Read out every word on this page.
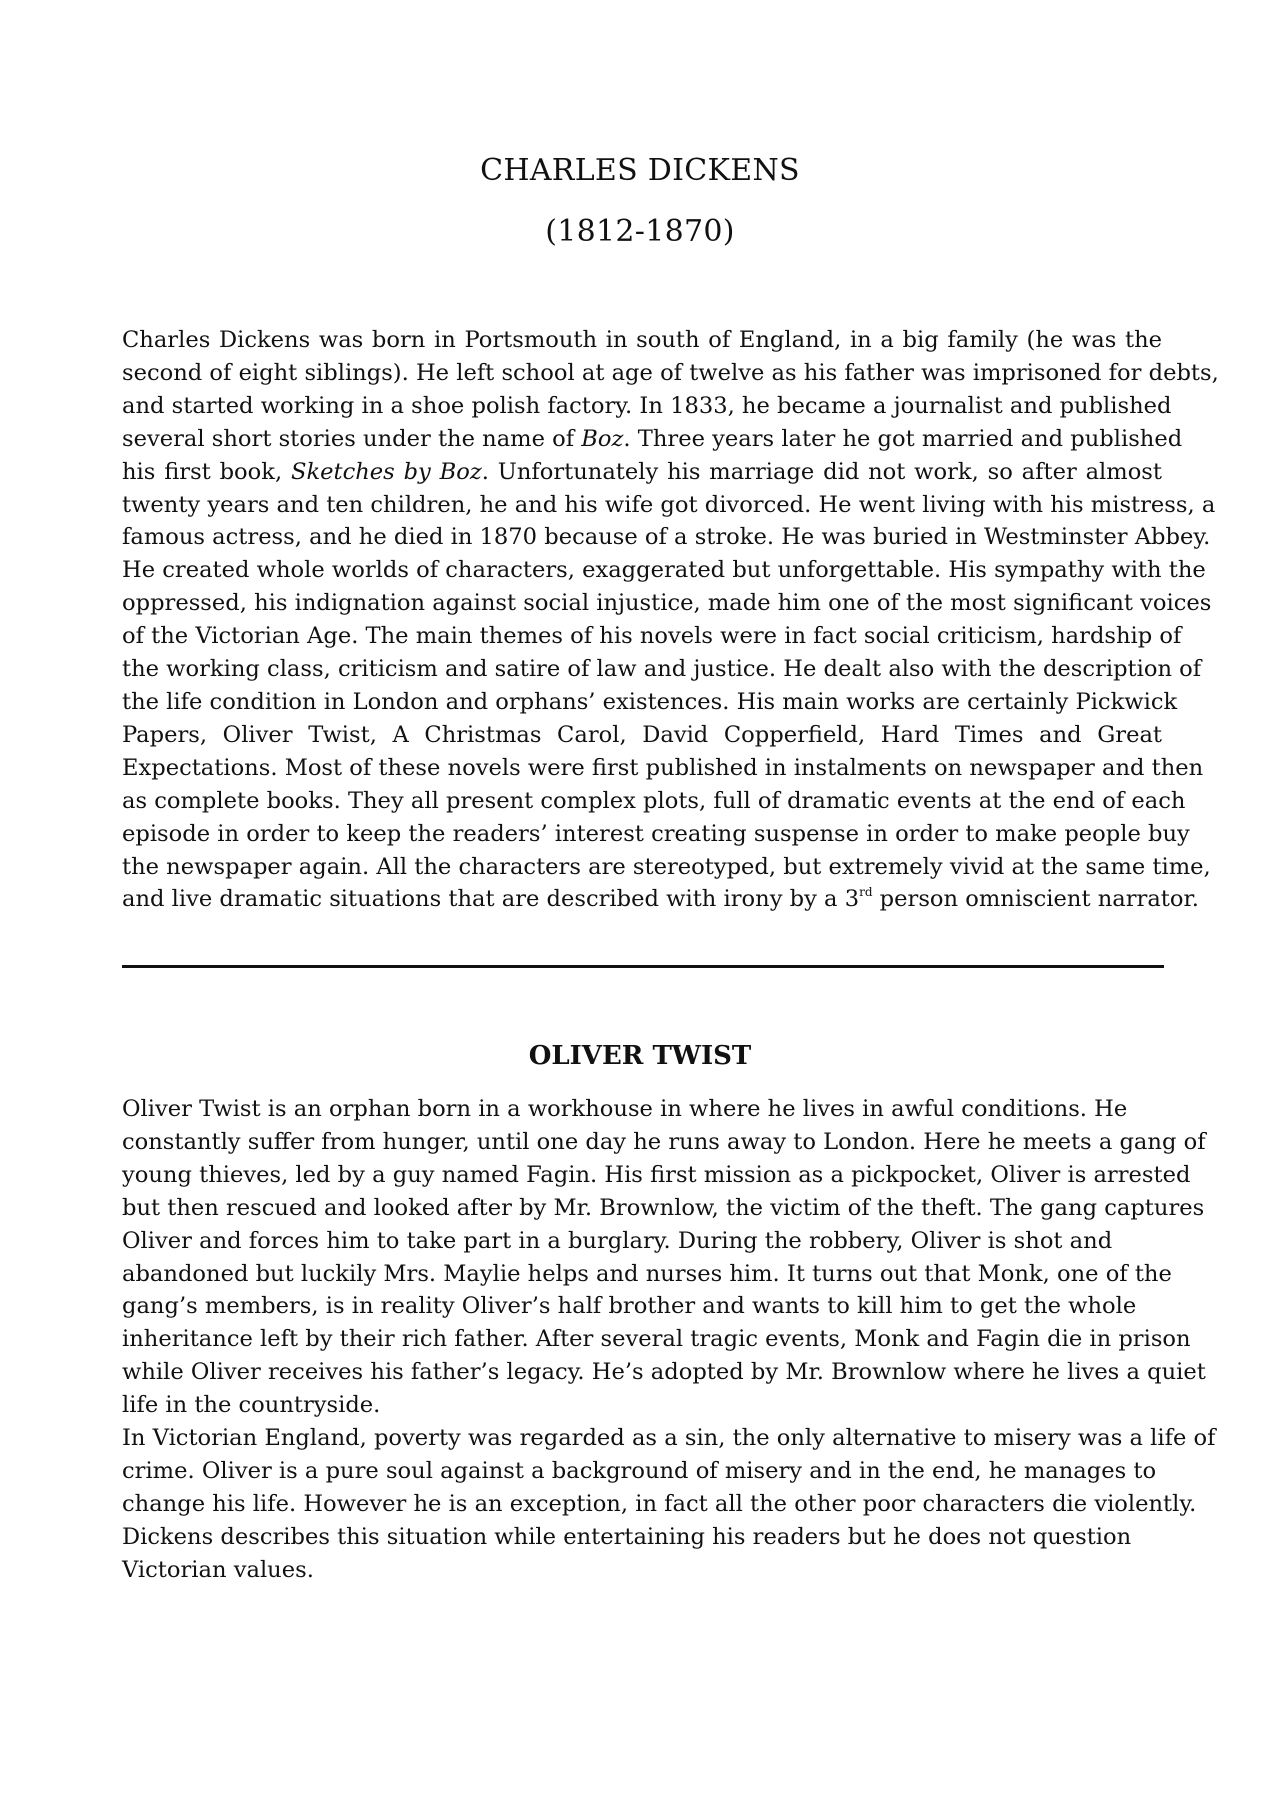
CHARLES DICKENS
(1812-1870)
Charles Dickens was born in Portsmouth in south of England, in a big family (he was the
second of eight siblings). He left school at age of twelve as his father was imprisoned for debts,
and started working in a shoe polish factory. In 1833, he became a journalist and published
several short stories under the name of Boz. Three years later he got married and published
his first book, Sketches by Boz. Unfortunately his marriage did not work, so after almost
twenty years and ten children, he and his wife got divorced. He went living with his mistress, a
famous actress, and he died in 1870 because of a stroke. He was buried in Westminster Abbey.
He created whole worlds of characters, exaggerated but unforgettable. His sympathy with the
oppressed, his indignation against social injustice, made him one of the most significant voices
of the Victorian Age. The main themes of his novels were in fact social criticism, hardship of
the working class, criticism and satire of law and justice. He dealt also with the description of
the life condition in London and orphans’ existences. His main works are certainly Pickwick
Papers, Oliver Twist, A Christmas Carol, David Copperfield, Hard Times and Great
Expectations. Most of these novels were first published in instalments on newspaper and then
as complete books. They all present complex plots, full of dramatic events at the end of each
episode in order to keep the readers’ interest creating suspense in order to make people buy
the newspaper again. All the characters are stereotyped, but extremely vivid at the same time,
and live dramatic situations that are described with irony by a 3rd person omniscient narrator.
OLIVER TWIST
Oliver Twist is an orphan born in a workhouse in where he lives in awful conditions. He
constantly suffer from hunger, until one day he runs away to London. Here he meets a gang of
young thieves, led by a guy named Fagin. His first mission as a pickpocket, Oliver is arrested
but then rescued and looked after by Mr. Brownlow, the victim of the theft. The gang captures
Oliver and forces him to take part in a burglary. During the robbery, Oliver is shot and
abandoned but luckily Mrs. Maylie helps and nurses him. It turns out that Monk, one of the
gang’s members, is in reality Oliver’s half brother and wants to kill him to get the whole
inheritance left by their rich father. After several tragic events, Monk and Fagin die in prison
while Oliver receives his father’s legacy. He’s adopted by Mr. Brownlow where he lives a quiet
life in the countryside.
In Victorian England, poverty was regarded as a sin, the only alternative to misery was a life of
crime. Oliver is a pure soul against a background of misery and in the end, he manages to
change his life. However he is an exception, in fact all the other poor characters die violently.
Dickens describes this situation while entertaining his readers but he does not question
Victorian values.
